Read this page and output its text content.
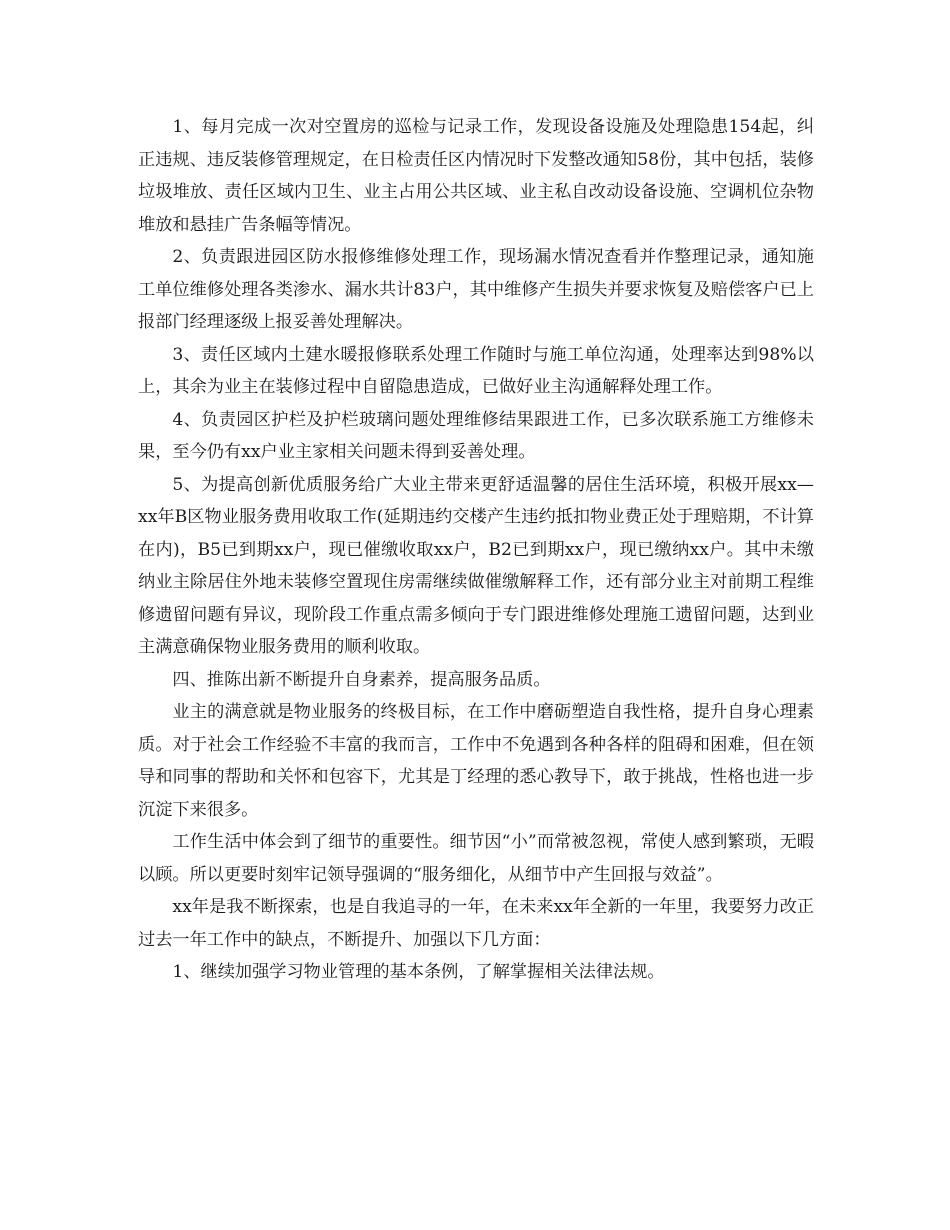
1、每月完成一次对空置房的巡检与记录工作，发现设备设施及处理隐患154起，纠正违规、违反装修管理规定，在日检责任区内情况时下发整改通知58份，其中包括，装修垃圾堆放、责任区域内卫生、业主占用公共区域、业主私自改动设备设施、空调机位杂物堆放和悬挂广告条幅等情况。

2、负责跟进园区防水报修维修处理工作，现场漏水情况查看并作整理记录，通知施工单位维修处理各类渗水、漏水共计83户，其中维修产生损失并要求恢复及赔偿客户已上报部门经理逐级上报妥善处理解决。

3、责任区域内土建水暖报修联系处理工作随时与施工单位沟通，处理率达到98%以上，其余为业主在装修过程中自留隐患造成，已做好业主沟通解释处理工作。

4、负责园区护栏及护栏玻璃问题处理维修结果跟进工作，已多次联系施工方维修未果，至今仍有xx户业主家相关问题未得到妥善处理。

5、为提高创新优质服务给广大业主带来更舒适温馨的居住生活环境，积极开展xx—xx年B区物业服务费用收取工作(延期违约交楼产生违约抵扣物业费正处于理赔期，不计算在内)，B5已到期xx户，现已催缴收取xx户，B2已到期xx户，现已缴纳xx户。其中未缴纳业主除居住外地未装修空置现住房需继续做催缴解释工作，还有部分业主对前期工程维修遗留问题有异议，现阶段工作重点需多倾向于专门跟进维修处理施工遗留问题，达到业主满意确保物业服务费用的顺利收取。

四、推陈出新不断提升自身素养，提高服务品质。

业主的满意就是物业服务的终极目标，在工作中磨砺塑造自我性格，提升自身心理素质。对于社会工作经验不丰富的我而言，工作中不免遇到各种各样的阻碍和困难，但在领导和同事的帮助和关怀和包容下，尤其是丁经理的悉心教导下，敢于挑战，性格也进一步沉淀下来很多。

工作生活中体会到了细节的重要性。细节因“小”而常被忽视，常使人感到繁琐，无暇以顾。所以更要时刻牢记领导强调的“服务细化，从细节中产生回报与效益”。

xx年是我不断探索，也是自我追寻的一年，在未来xx年全新的一年里，我要努力改正过去一年工作中的缺点，不断提升、加强以下几方面：

1、继续加强学习物业管理的基本条例，了解掌握相关法律法规。
